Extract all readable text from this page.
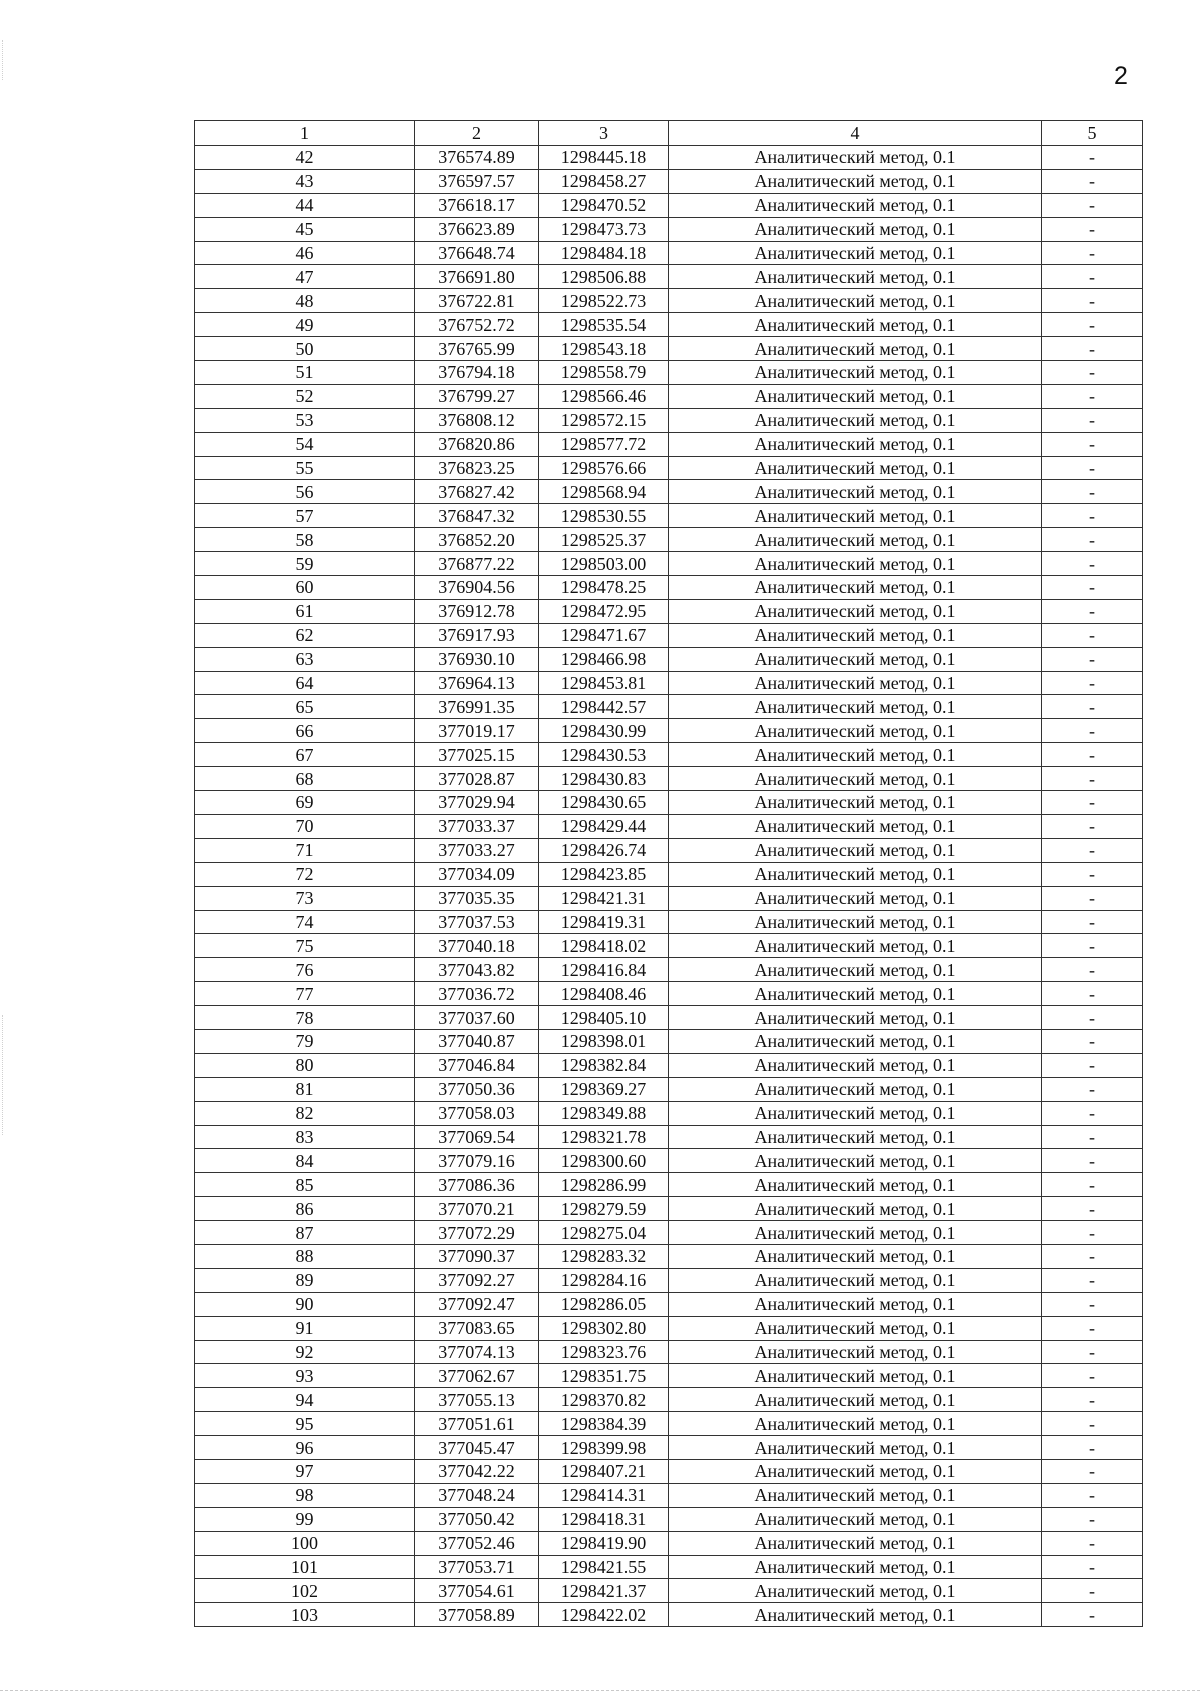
2
1	2	3	4	5
42	376574.89	1298445.18	Аналитический метод, 0.1	-
43	376597.57	1298458.27	Аналитический метод, 0.1	-
44	376618.17	1298470.52	Аналитический метод, 0.1	-
45	376623.89	1298473.73	Аналитический метод, 0.1	-
46	376648.74	1298484.18	Аналитический метод, 0.1	-
47	376691.80	1298506.88	Аналитический метод, 0.1	-
48	376722.81	1298522.73	Аналитический метод, 0.1	-
49	376752.72	1298535.54	Аналитический метод, 0.1	-
50	376765.99	1298543.18	Аналитический метод, 0.1	-
51	376794.18	1298558.79	Аналитический метод, 0.1	-
52	376799.27	1298566.46	Аналитический метод, 0.1	-
53	376808.12	1298572.15	Аналитический метод, 0.1	-
54	376820.86	1298577.72	Аналитический метод, 0.1	-
55	376823.25	1298576.66	Аналитический метод, 0.1	-
56	376827.42	1298568.94	Аналитический метод, 0.1	-
57	376847.32	1298530.55	Аналитический метод, 0.1	-
58	376852.20	1298525.37	Аналитический метод, 0.1	-
59	376877.22	1298503.00	Аналитический метод, 0.1	-
60	376904.56	1298478.25	Аналитический метод, 0.1	-
61	376912.78	1298472.95	Аналитический метод, 0.1	-
62	376917.93	1298471.67	Аналитический метод, 0.1	-
63	376930.10	1298466.98	Аналитический метод, 0.1	-
64	376964.13	1298453.81	Аналитический метод, 0.1	-
65	376991.35	1298442.57	Аналитический метод, 0.1	-
66	377019.17	1298430.99	Аналитический метод, 0.1	-
67	377025.15	1298430.53	Аналитический метод, 0.1	-
68	377028.87	1298430.83	Аналитический метод, 0.1	-
69	377029.94	1298430.65	Аналитический метод, 0.1	-
70	377033.37	1298429.44	Аналитический метод, 0.1	-
71	377033.27	1298426.74	Аналитический метод, 0.1	-
72	377034.09	1298423.85	Аналитический метод, 0.1	-
73	377035.35	1298421.31	Аналитический метод, 0.1	-
74	377037.53	1298419.31	Аналитический метод, 0.1	-
75	377040.18	1298418.02	Аналитический метод, 0.1	-
76	377043.82	1298416.84	Аналитический метод, 0.1	-
77	377036.72	1298408.46	Аналитический метод, 0.1	-
78	377037.60	1298405.10	Аналитический метод, 0.1	-
79	377040.87	1298398.01	Аналитический метод, 0.1	-
80	377046.84	1298382.84	Аналитический метод, 0.1	-
81	377050.36	1298369.27	Аналитический метод, 0.1	-
82	377058.03	1298349.88	Аналитический метод, 0.1	-
83	377069.54	1298321.78	Аналитический метод, 0.1	-
84	377079.16	1298300.60	Аналитический метод, 0.1	-
85	377086.36	1298286.99	Аналитический метод, 0.1	-
86	377070.21	1298279.59	Аналитический метод, 0.1	-
87	377072.29	1298275.04	Аналитический метод, 0.1	-
88	377090.37	1298283.32	Аналитический метод, 0.1	-
89	377092.27	1298284.16	Аналитический метод, 0.1	-
90	377092.47	1298286.05	Аналитический метод, 0.1	-
91	377083.65	1298302.80	Аналитический метод, 0.1	-
92	377074.13	1298323.76	Аналитический метод, 0.1	-
93	377062.67	1298351.75	Аналитический метод, 0.1	-
94	377055.13	1298370.82	Аналитический метод, 0.1	-
95	377051.61	1298384.39	Аналитический метод, 0.1	-
96	377045.47	1298399.98	Аналитический метод, 0.1	-
97	377042.22	1298407.21	Аналитический метод, 0.1	-
98	377048.24	1298414.31	Аналитический метод, 0.1	-
99	377050.42	1298418.31	Аналитический метод, 0.1	-
100	377052.46	1298419.90	Аналитический метод, 0.1	-
101	377053.71	1298421.55	Аналитический метод, 0.1	-
102	377054.61	1298421.37	Аналитический метод, 0.1	-
103	377058.89	1298422.02	Аналитический метод, 0.1	-
